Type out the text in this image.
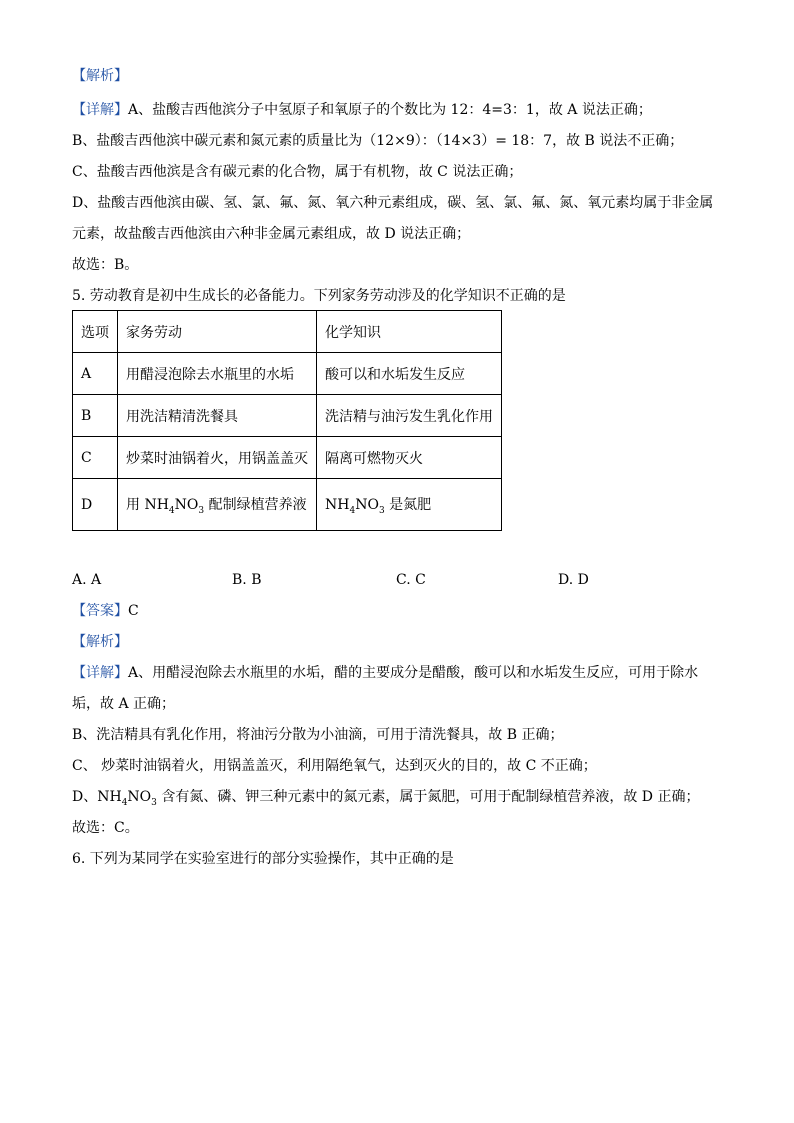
【解析】
【详解】A、盐酸吉西他滨分子中氢原子和氧原子的个数比为 12：4=3：1，故 A 说法正确；
B、盐酸吉西他滨中碳元素和氮元素的质量比为（12×9）：（14×3）= 18：7，故 B 说法不正确；
C、盐酸吉西他滨是含有碳元素的化合物，属于有机物，故 C 说法正确；
D、盐酸吉西他滨由碳、氢、氯、氟、氮、氧六种元素组成，碳、氢、氯、氟、氮、氧元素均属于非金属
元素，故盐酸吉西他滨由六种非金属元素组成，故 D 说法正确；
故选：B。
5. 劳动教育是初中生成长的必备能力。下列家务劳动涉及的化学知识不正确的是
选项	家务劳动	化学知识
A	用醋浸泡除去水瓶里的水垢	酸可以和水垢发生反应
B	用洗洁精清洗餐具	洗洁精与油污发生乳化作用
C	炒菜时油锅着火，用锅盖盖灭	隔离可燃物灭火
D	用 $NH_4NO_3$ 配制绿植营养液	$NH_4NO_3$ 是氮肥
A. A	B. B	C. C	D. D
【答案】C
【解析】
【详解】A、用醋浸泡除去水瓶里的水垢，醋的主要成分是醋酸，酸可以和水垢发生反应，可用于除水
垢，故 A 正确；
B、洗洁精具有乳化作用，将油污分散为小油滴，可用于清洗餐具，故 B 正确；
C、 炒菜时油锅着火，用锅盖盖灭，利用隔绝氧气，达到灭火的目的，故 C 不正确；
D、$NH_4NO_3$ 含有氮、磷、钾三种元素中的氮元素，属于氮肥，可用于配制绿植营养液，故 D 正确；
故选：C。
6. 下列为某同学在实验室进行的部分实验操作，其中正确的是
